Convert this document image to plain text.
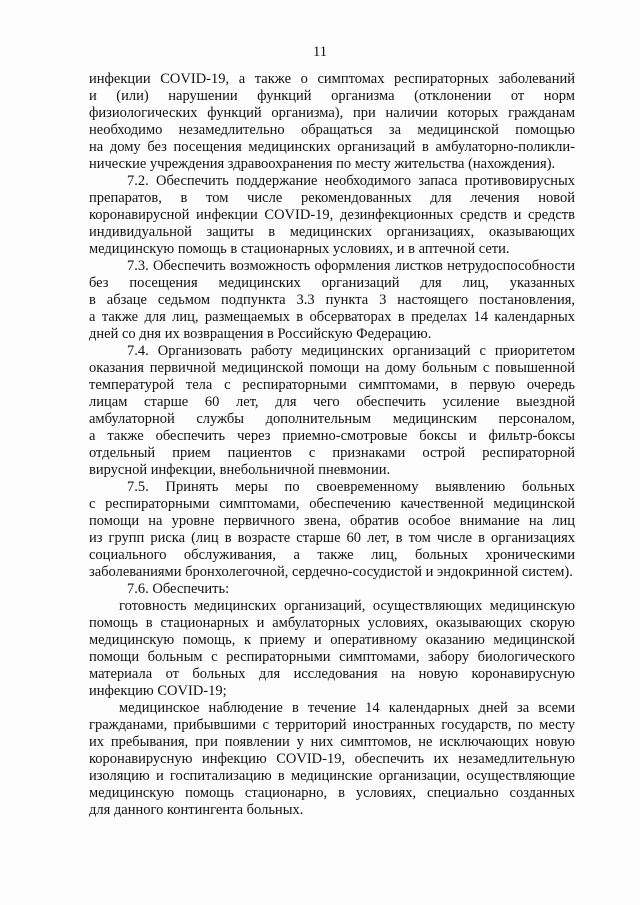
11
инфекции COVID-19, а также о симптомах респираторных заболеваний
и (или) нарушении функций организма (отклонении от норм
физиологических функций организма), при наличии которых гражданам
необходимо незамедлительно обращаться за медицинской помощью
на дому без посещения медицинских организаций в амбулаторно-поликли-
нические учреждения здравоохранения по месту жительства (нахождения).
7.2. Обеспечить поддержание необходимого запаса противовирусных
препаратов, в том числе рекомендованных для лечения новой
коронавирусной инфекции COVID-19, дезинфекционных средств и средств
индивидуальной защиты в медицинских организациях, оказывающих
медицинскую помощь в стационарных условиях, и в аптечной сети.
7.3. Обеспечить возможность оформления листков нетрудоспособности
без посещения медицинских организаций для лиц, указанных
в абзаце седьмом подпункта 3.3 пункта 3 настоящего постановления,
а также для лиц, размещаемых в обсерваторах в пределах 14 календарных
дней со дня их возвращения в Российскую Федерацию.
7.4. Организовать работу медицинских организаций с приоритетом
оказания первичной медицинской помощи на дому больным с повышенной
температурой тела с респираторными симптомами, в первую очередь
лицам старше 60 лет, для чего обеспечить усиление выездной
амбулаторной службы дополнительным медицинским персоналом,
а также обеспечить через приемно-смотровые боксы и фильтр-боксы
отдельный прием пациентов с признаками острой респираторной
вирусной инфекции, внебольничной пневмонии.
7.5. Принять меры по своевременному выявлению больных
с респираторными симптомами, обеспечению качественной медицинской
помощи на уровне первичного звена, обратив особое внимание на лиц
из групп риска (лиц в возрасте старше 60 лет, в том числе в организациях
социального обслуживания, а также лиц, больных хроническими
заболеваниями бронхолегочной, сердечно-сосудистой и эндокринной систем).
7.6. Обеспечить:
готовность медицинских организаций, осуществляющих медицинскую
помощь в стационарных и амбулаторных условиях, оказывающих скорую
медицинскую помощь, к приему и оперативному оказанию медицинской
помощи больным с респираторными симптомами, забору биологического
материала от больных для исследования на новую коронавирусную
инфекцию COVID-19;
медицинское наблюдение в течение 14 календарных дней за всеми
гражданами, прибывшими с территорий иностранных государств, по месту
их пребывания, при появлении у них симптомов, не исключающих новую
коронавирусную инфекцию COVID-19, обеспечить их незамедлительную
изоляцию и госпитализацию в медицинские организации, осуществляющие
медицинскую помощь стационарно, в условиях, специально созданных
для данного контингента больных.
